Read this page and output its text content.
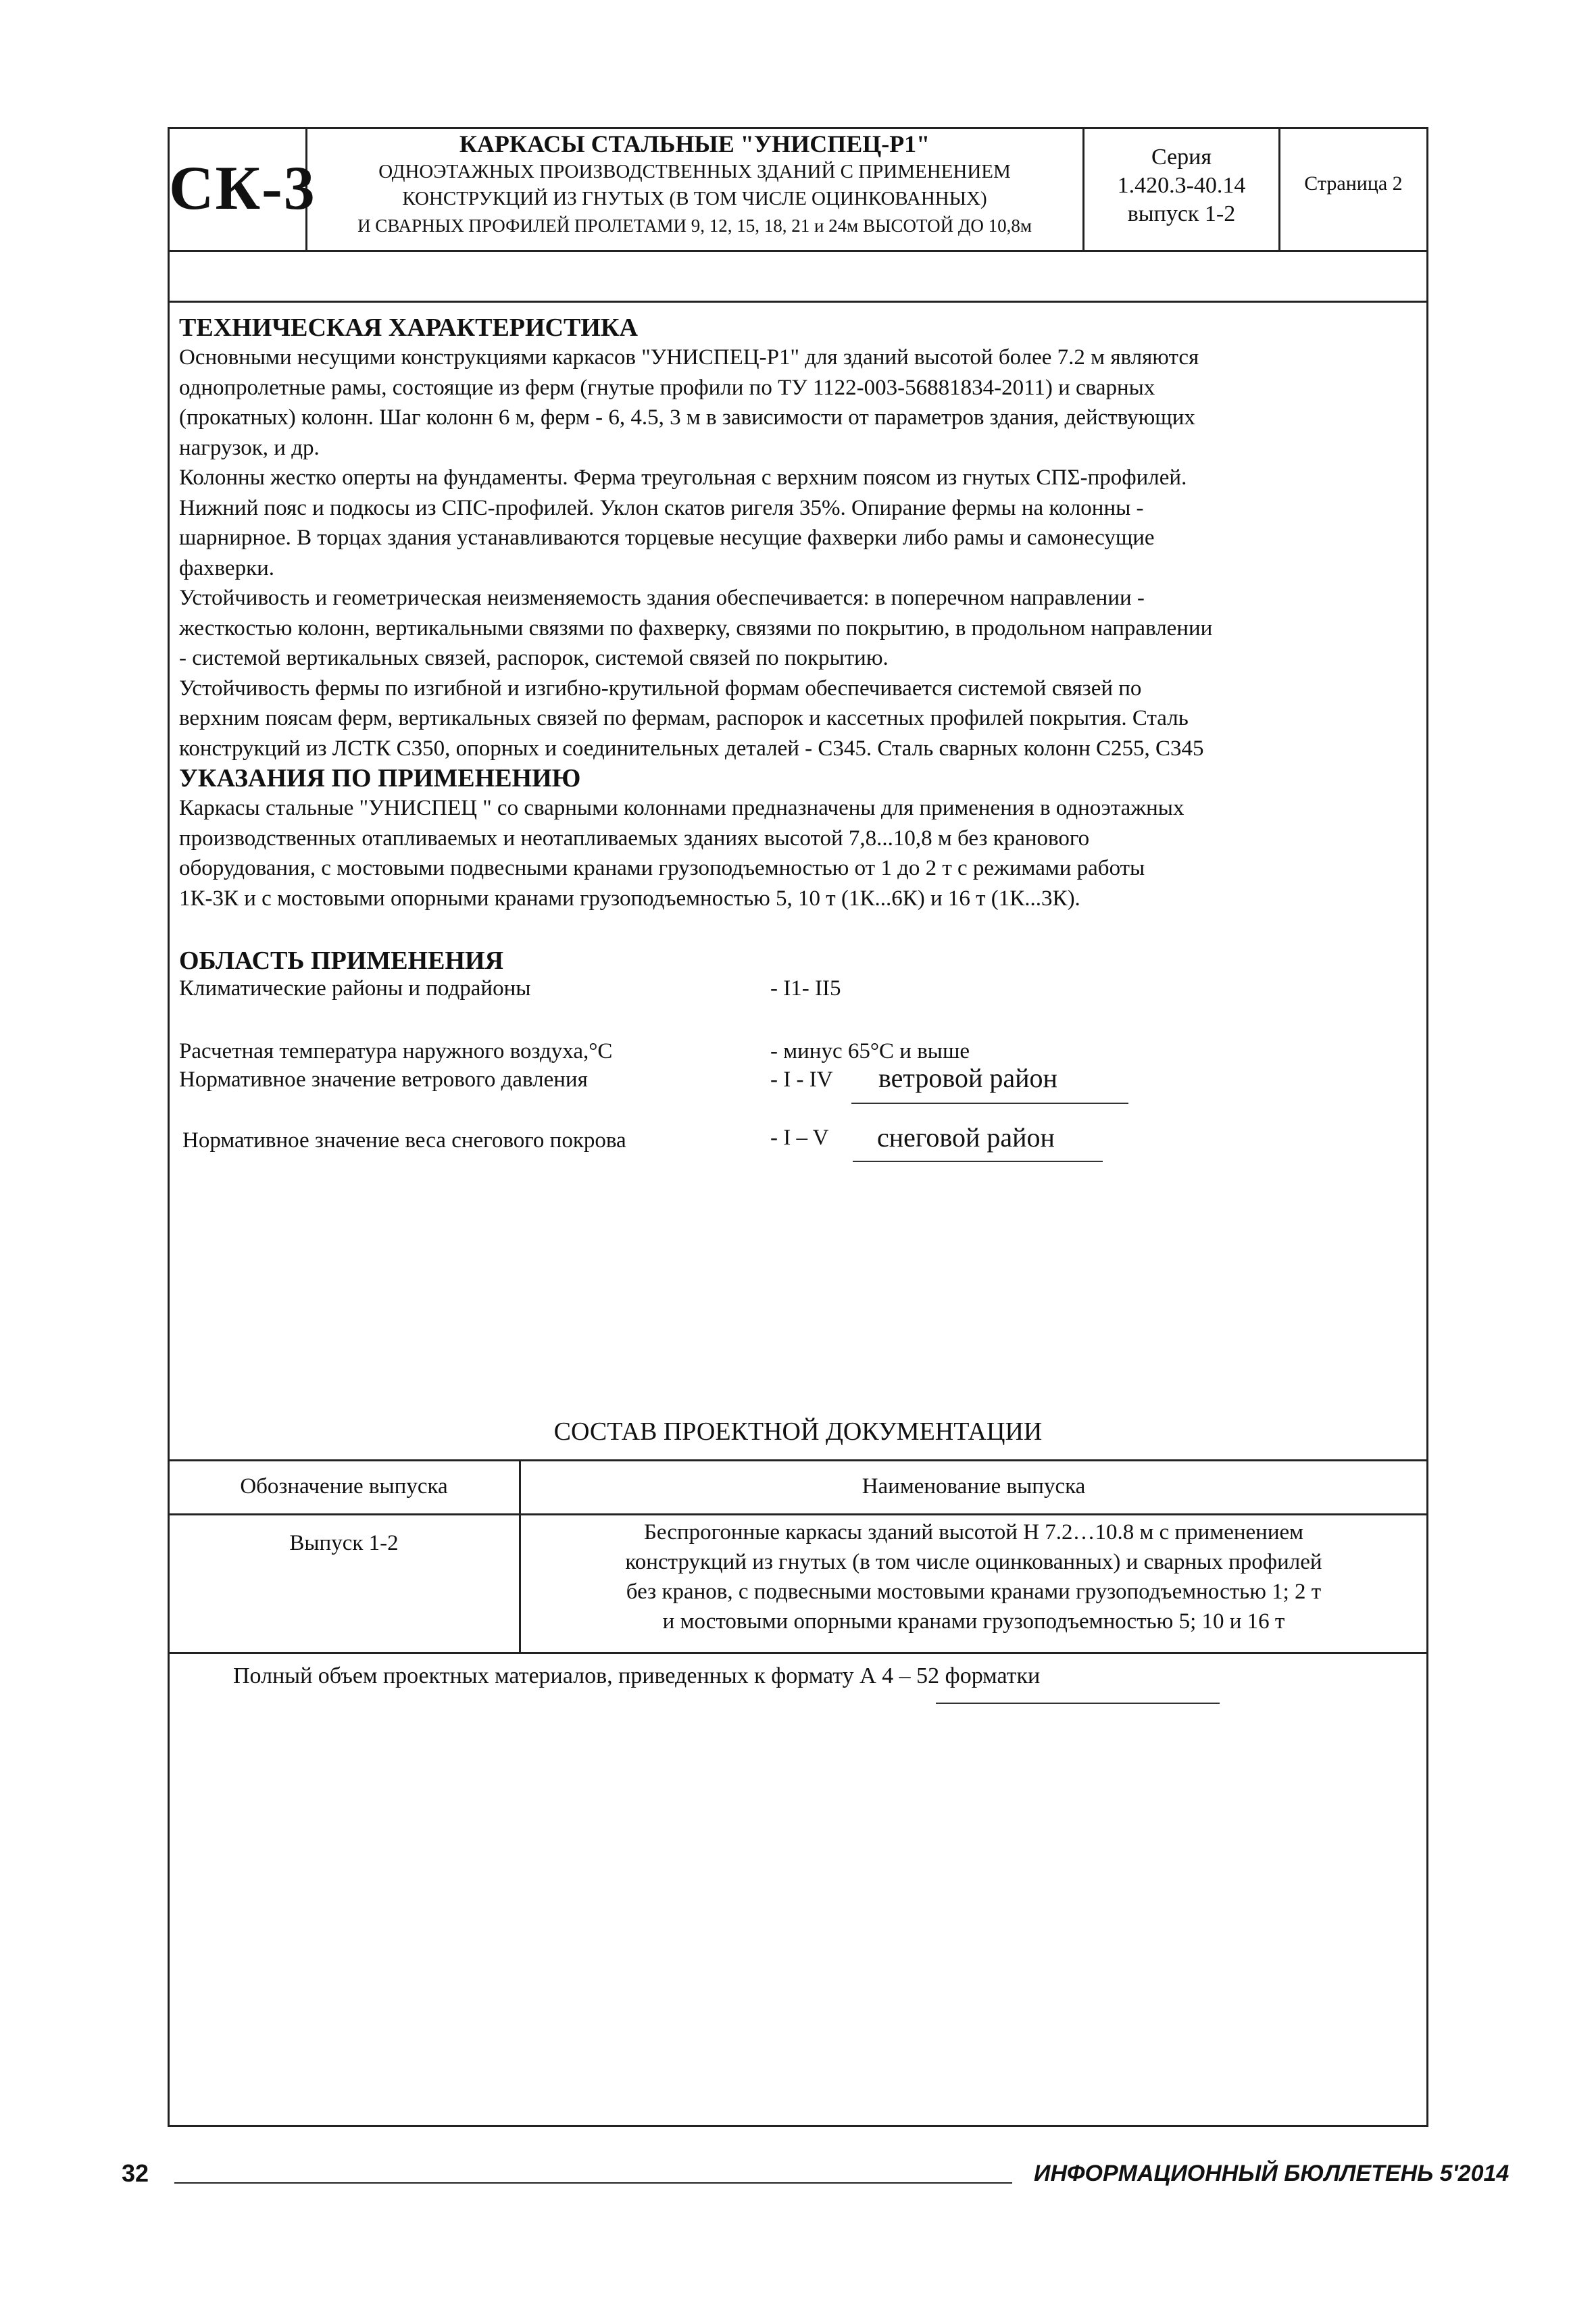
СК-3
КАРКАСЫ СТАЛЬНЫЕ "УНИСПЕЦ-Р1"
ОДНОЭТАЖНЫХ ПРОИЗВОДСТВЕННЫХ ЗДАНИЙ С ПРИМЕНЕНИЕМ
КОНСТРУКЦИЙ ИЗ ГНУТЫХ (В ТОМ ЧИСЛЕ ОЦИНКОВАННЫХ)
И СВАРНЫХ ПРОФИЛЕЙ ПРОЛЕТАМИ 9, 12, 15, 18, 21 и 24м ВЫСОТОЙ ДО 10,8м
Серия
1.420.3-40.14
выпуск 1-2
Страница 2
ТЕХНИЧЕСКАЯ ХАРАКТЕРИСТИКА
Основными несущими конструкциями каркасов "УНИСПЕЦ-Р1" для зданий высотой более 7.2 м являются
однопролетные рамы, состоящие из ферм (гнутые профили по ТУ 1122-003-56881834-2011) и сварных
(прокатных) колонн. Шаг колонн 6 м, ферм - 6, 4.5, 3 м в зависимости от параметров здания, действующих
нагрузок, и др.
Колонны жестко оперты на фундаменты. Ферма треугольная с верхним поясом из гнутых СПΣ-профилей.
Нижний пояс и подкосы из СПС-профилей. Уклон скатов ригеля 35%. Опирание фермы на колонны -
шарнирное. В торцах здания устанавливаются торцевые несущие фахверки либо рамы и самонесущие
фахверки.
Устойчивость и геометрическая неизменяемость здания обеспечивается: в поперечном направлении -
жесткостью колонн, вертикальными связями по фахверку, связями по покрытию, в продольном направлении
- системой вертикальных связей, распорок, системой связей по покрытию.
Устойчивость фермы по изгибной и изгибно-крутильной формам обеспечивается системой связей по
верхним поясам ферм, вертикальных связей по фермам, распорок и кассетных профилей покрытия. Сталь
конструкций из ЛСТК С350, опорных и соединительных деталей - С345. Сталь сварных колонн С255, С345
УКАЗАНИЯ ПО ПРИМЕНЕНИЮ
Каркасы стальные "УНИСПЕЦ " со сварными колоннами предназначены для применения в одноэтажных
производственных отапливаемых и неотапливаемых зданиях высотой 7,8...10,8 м без кранового
оборудования, с мостовыми подвесными кранами грузоподъемностью от 1 до 2 т с режимами работы
1К-3К и с мостовыми опорными кранами грузоподъемностью 5, 10 т (1К...6К) и 16 т (1К...3К).
ОБЛАСТЬ ПРИМЕНЕНИЯ
Климатические районы и подрайоны	- I1- II5
Расчетная температура наружного воздуха,°С	- минус 65°С и выше
Нормативное значение ветрового давления	- I - IV ветровой район
Нормативное значение веса снегового покрова	- I – V снеговой район
СОСТАВ ПРОЕКТНОЙ ДОКУМЕНТАЦИИ
Обозначение выпуска	Наименование выпуска
Выпуск 1-2	Беспрогонные каркасы зданий высотой H 7.2…10.8 м с применением
конструкций из гнутых (в том числе оцинкованных) и сварных профилей
без кранов, с подвесными мостовыми кранами грузоподъемностью 1; 2 т
и мостовыми опорными кранами грузоподъемностью 5; 10 и 16 т
Полный объем проектных материалов, приведенных к формату А 4 – 52 форматки
32	ИНФОРМАЦИОННЫЙ БЮЛЛЕТЕНЬ 5'2014
